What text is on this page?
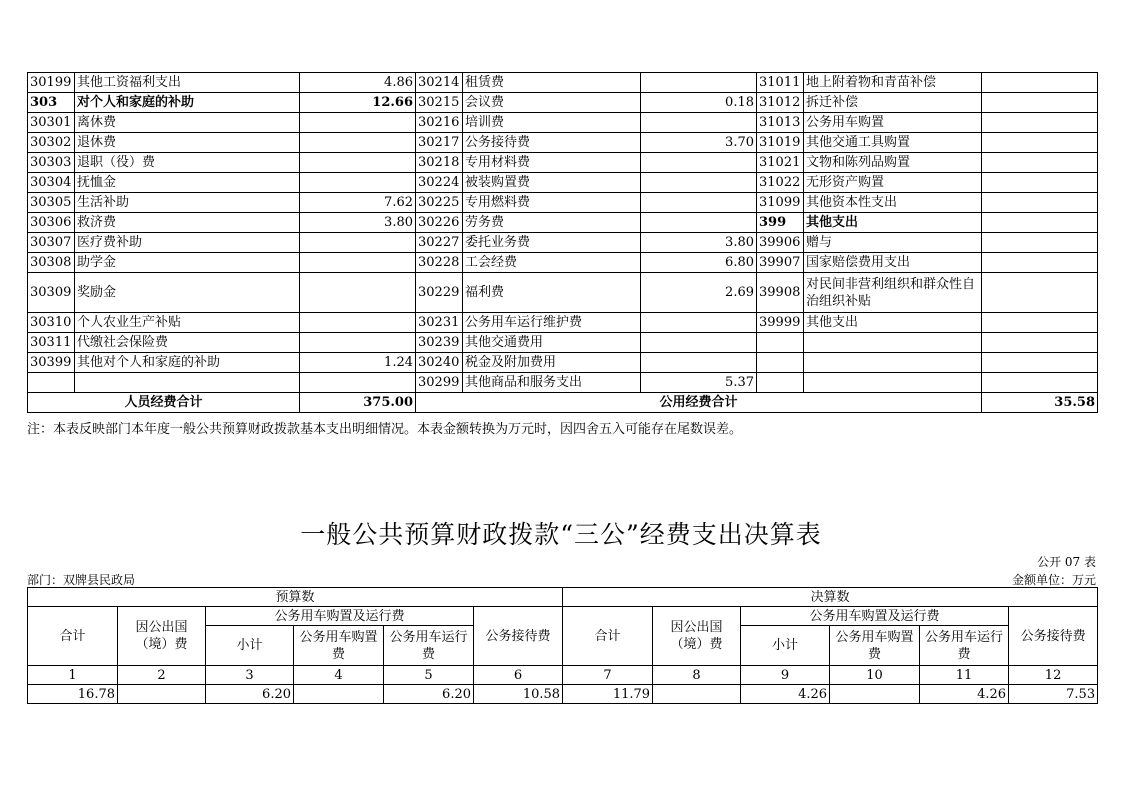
30199	其他工资福利支出	4.86	30214	租赁费		31011	地上附着物和青苗补偿	
303	对个人和家庭的补助	12.66	30215	会议费	0.18	31012	拆迁补偿	
30301	离休费		30216	培训费		31013	公务用车购置	
30302	退休费		30217	公务接待费	3.70	31019	其他交通工具购置	
30303	退职（役）费		30218	专用材料费		31021	文物和陈列品购置	
30304	抚恤金		30224	被装购置费		31022	无形资产购置	
30305	生活补助	7.62	30225	专用燃料费		31099	其他资本性支出	
30306	救济费	3.80	30226	劳务费		399	其他支出	
30307	医疗费补助		30227	委托业务费	3.80	39906	赠与	
30308	助学金		30228	工会经费	6.80	39907	国家赔偿费用支出	
30309	奖励金		30229	福利费	2.69	39908	对民间非营利组织和群众性自治组织补贴	
30310	个人农业生产补贴		30231	公务用车运行维护费		39999	其他支出	
30311	代缴社会保险费		30239	其他交通费用				
30399	其他对个人和家庭的补助	1.24	30240	税金及附加费用				
			30299	其他商品和服务支出	5.37			
人员经费合计		375.00	公用经费合计					35.58
注：本表反映部门本年度一般公共预算财政拨款基本支出明细情况。本表金额转换为万元时，因四舍五入可能存在尾数误差。
一般公共预算财政拨款“三公”经费支出决算表
公开 07 表
部门：双牌县民政局	金额单位：万元
预算数						决算数					
合计	因公出国（境）费	公务用车购置及运行费			公务接待费	合计	因公出国（境）费	公务用车购置及运行费			公务接待费
		小计	公务用车购置费	公务用车运行费				小计	公务用车购置费	公务用车运行费	
1	2	3	4	5	6	7	8	9	10	11	12
16.78		6.20		6.20	10.58	11.79		4.26		4.26	7.53
